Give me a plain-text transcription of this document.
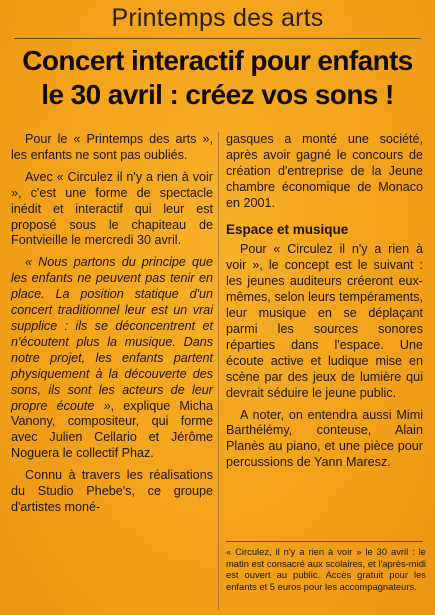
Printemps des arts
Concert interactif pour enfants
le 30 avril : créez vos sons !

Pour le « Printemps des arts », les enfants ne sont pas oubliés.

Avec « Circulez il n'y a rien à voir », c'est une forme de spectacle inédit et interactif qui leur est proposé sous le chapiteau de Fontvieille le mercredi 30 avril.

« Nous partons du principe que les enfants ne peuvent pas tenir en place. La position statique d'un concert traditionnel leur est un vrai supplice : ils se déconcentrent et n'écoutent plus la musique. Dans notre projet, les enfants partent physiquement à la découverte des sons, ils sont les acteurs de leur propre écoute », explique Micha Vanony, compositeur, qui forme avec Julien Cellario et Jérôme Noguera le collectif Phaz.

Connu à travers les réalisations du Studio Phebe's, ce groupe d'artistes moné-

gasques a monté une société, après avoir gagné le concours de création d'entreprise de la Jeune chambre économique de Monaco en 2001.

Espace et musique

Pour « Circulez il n'y a rien à voir », le concept est le suivant : les jeunes auditeurs créeront eux-mêmes, selon leurs tempéraments, leur musique en se déplaçant parmi les sources sonores réparties dans l'espace. Une écoute active et ludique mise en scène par des jeux de lumière qui devrait séduire le jeune public.

A noter, on entendra aussi Mimi Barthélémy, conteuse, Alain Planès au piano, et une pièce pour percussions de Yann Maresz.

« Circulez, il n'y a rien à voir » le 30 avril : le matin est consacré aux scolaires, et l'après-midi est ouvert au public. Accès gratuit pour les enfants et 5 euros pour les accompagnateurs.
